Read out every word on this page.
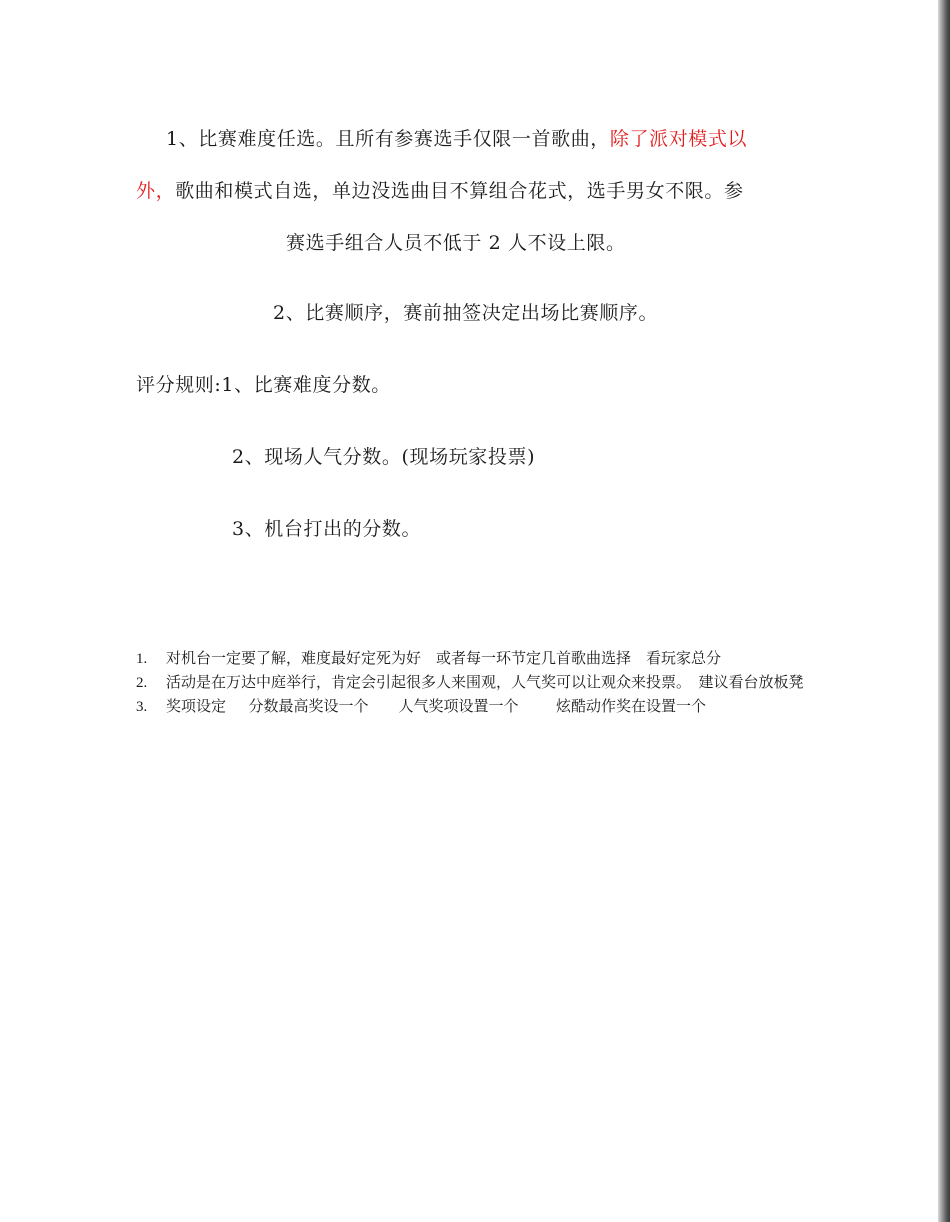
1、比赛难度任选。且所有参赛选手仅限一首歌曲，除了派对模式以
外，歌曲和模式自选，单边没选曲目不算组合花式，选手男女不限。参
赛选手组合人员不低于 2 人不设上限。
2、比赛顺序，赛前抽签决定出场比赛顺序。
评分规则:1、比赛难度分数。
2、现场人气分数。(现场玩家投票)
3、机台打出的分数。
1. 对机台一定要了解，难度最好定死为好    或者每一环节定几首歌曲选择    看玩家总分
2. 活动是在万达中庭举行，肯定会引起很多人来围观，人气奖可以让观众来投票。  建议看台放板凳
3. 奖项设定      分数最高奖设一个        人气奖项设置一个          炫酷动作奖在设置一个
